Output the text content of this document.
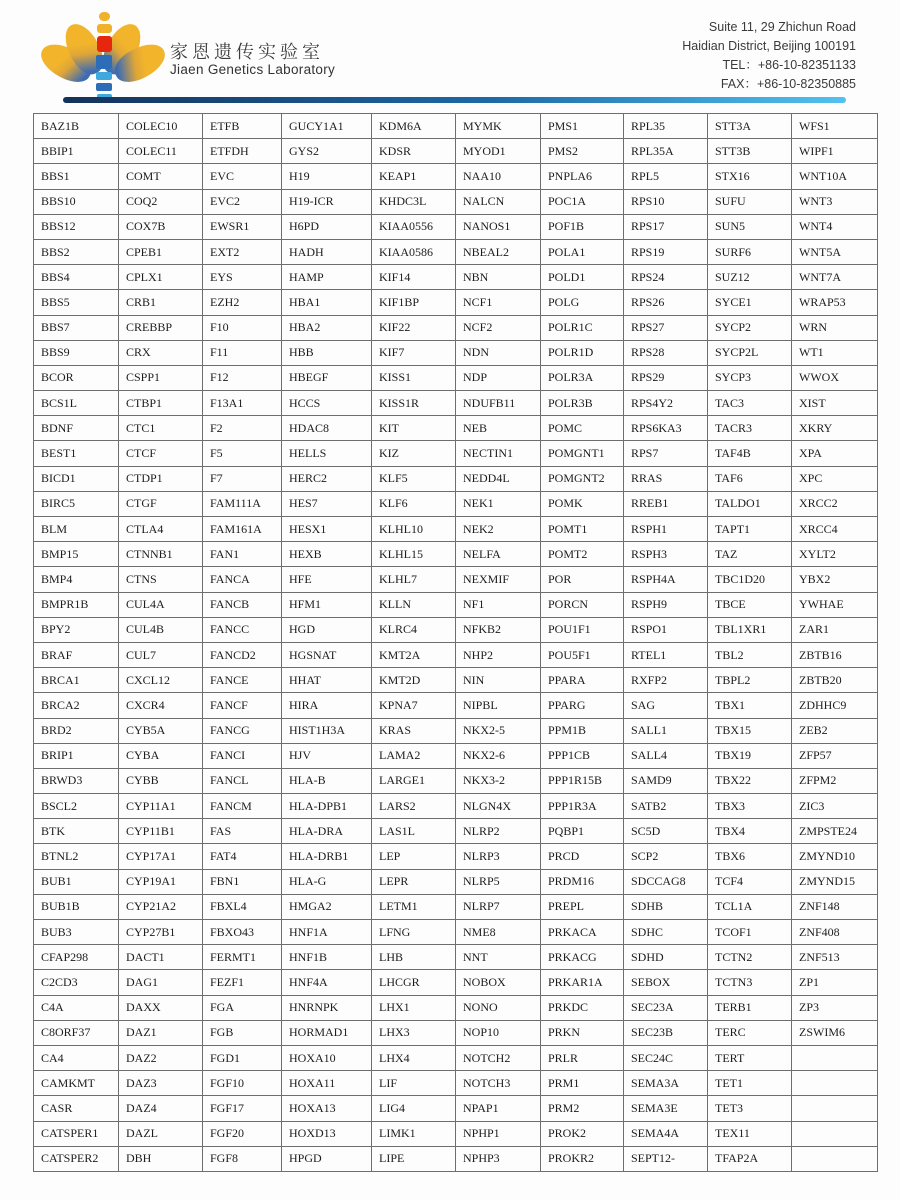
家恩遗传实验室
Jiaen Genetics Laboratory
Suite 11, 29 Zhichun Road
Haidian District, Beijing 100191
TEL：+86-10-82351133
FAX：+86-10-82350885
BAZ1B	COLEC10	ETFB	GUCY1A1	KDM6A	MYMK	PMS1	RPL35	STT3A	WFS1
BBIP1	COLEC11	ETFDH	GYS2	KDSR	MYOD1	PMS2	RPL35A	STT3B	WIPF1
BBS1	COMT	EVC	H19	KEAP1	NAA10	PNPLA6	RPL5	STX16	WNT10A
BBS10	COQ2	EVC2	H19-ICR	KHDC3L	NALCN	POC1A	RPS10	SUFU	WNT3
BBS12	COX7B	EWSR1	H6PD	KIAA0556	NANOS1	POF1B	RPS17	SUN5	WNT4
BBS2	CPEB1	EXT2	HADH	KIAA0586	NBEAL2	POLA1	RPS19	SURF6	WNT5A
BBS4	CPLX1	EYS	HAMP	KIF14	NBN	POLD1	RPS24	SUZ12	WNT7A
BBS5	CRB1	EZH2	HBA1	KIF1BP	NCF1	POLG	RPS26	SYCE1	WRAP53
BBS7	CREBBP	F10	HBA2	KIF22	NCF2	POLR1C	RPS27	SYCP2	WRN
BBS9	CRX	F11	HBB	KIF7	NDN	POLR1D	RPS28	SYCP2L	WT1
BCOR	CSPP1	F12	HBEGF	KISS1	NDP	POLR3A	RPS29	SYCP3	WWOX
BCS1L	CTBP1	F13A1	HCCS	KISS1R	NDUFB11	POLR3B	RPS4Y2	TAC3	XIST
BDNF	CTC1	F2	HDAC8	KIT	NEB	POMC	RPS6KA3	TACR3	XKRY
BEST1	CTCF	F5	HELLS	KIZ	NECTIN1	POMGNT1	RPS7	TAF4B	XPA
BICD1	CTDP1	F7	HERC2	KLF5	NEDD4L	POMGNT2	RRAS	TAF6	XPC
BIRC5	CTGF	FAM111A	HES7	KLF6	NEK1	POMK	RREB1	TALDO1	XRCC2
BLM	CTLA4	FAM161A	HESX1	KLHL10	NEK2	POMT1	RSPH1	TAPT1	XRCC4
BMP15	CTNNB1	FAN1	HEXB	KLHL15	NELFA	POMT2	RSPH3	TAZ	XYLT2
BMP4	CTNS	FANCA	HFE	KLHL7	NEXMIF	POR	RSPH4A	TBC1D20	YBX2
BMPR1B	CUL4A	FANCB	HFM1	KLLN	NF1	PORCN	RSPH9	TBCE	YWHAE
BPY2	CUL4B	FANCC	HGD	KLRC4	NFKB2	POU1F1	RSPO1	TBL1XR1	ZAR1
BRAF	CUL7	FANCD2	HGSNAT	KMT2A	NHP2	POU5F1	RTEL1	TBL2	ZBTB16
BRCA1	CXCL12	FANCE	HHAT	KMT2D	NIN	PPARA	RXFP2	TBPL2	ZBTB20
BRCA2	CXCR4	FANCF	HIRA	KPNA7	NIPBL	PPARG	SAG	TBX1	ZDHHC9
BRD2	CYB5A	FANCG	HIST1H3A	KRAS	NKX2-5	PPM1B	SALL1	TBX15	ZEB2
BRIP1	CYBA	FANCI	HJV	LAMA2	NKX2-6	PPP1CB	SALL4	TBX19	ZFP57
BRWD3	CYBB	FANCL	HLA-B	LARGE1	NKX3-2	PPP1R15B	SAMD9	TBX22	ZFPM2
BSCL2	CYP11A1	FANCM	HLA-DPB1	LARS2	NLGN4X	PPP1R3A	SATB2	TBX3	ZIC3
BTK	CYP11B1	FAS	HLA-DRA	LAS1L	NLRP2	PQBP1	SC5D	TBX4	ZMPSTE24
BTNL2	CYP17A1	FAT4	HLA-DRB1	LEP	NLRP3	PRCD	SCP2	TBX6	ZMYND10
BUB1	CYP19A1	FBN1	HLA-G	LEPR	NLRP5	PRDM16	SDCCAG8	TCF4	ZMYND15
BUB1B	CYP21A2	FBXL4	HMGA2	LETM1	NLRP7	PREPL	SDHB	TCL1A	ZNF148
BUB3	CYP27B1	FBXO43	HNF1A	LFNG	NME8	PRKACA	SDHC	TCOF1	ZNF408
CFAP298	DACT1	FERMT1	HNF1B	LHB	NNT	PRKACG	SDHD	TCTN2	ZNF513
C2CD3	DAG1	FEZF1	HNF4A	LHCGR	NOBOX	PRKAR1A	SEBOX	TCTN3	ZP1
C4A	DAXX	FGA	HNRNPK	LHX1	NONO	PRKDC	SEC23A	TERB1	ZP3
C8ORF37	DAZ1	FGB	HORMAD1	LHX3	NOP10	PRKN	SEC23B	TERC	ZSWIM6
CA4	DAZ2	FGD1	HOXA10	LHX4	NOTCH2	PRLR	SEC24C	TERT	
CAMKMT	DAZ3	FGF10	HOXA11	LIF	NOTCH3	PRM1	SEMA3A	TET1	
CASR	DAZ4	FGF17	HOXA13	LIG4	NPAP1	PRM2	SEMA3E	TET3	
CATSPER1	DAZL	FGF20	HOXD13	LIMK1	NPHP1	PROK2	SEMA4A	TEX11	
CATSPER2	DBH	FGF8	HPGD	LIPE	NPHP3	PROKR2	SEPT12-	TFAP2A	
